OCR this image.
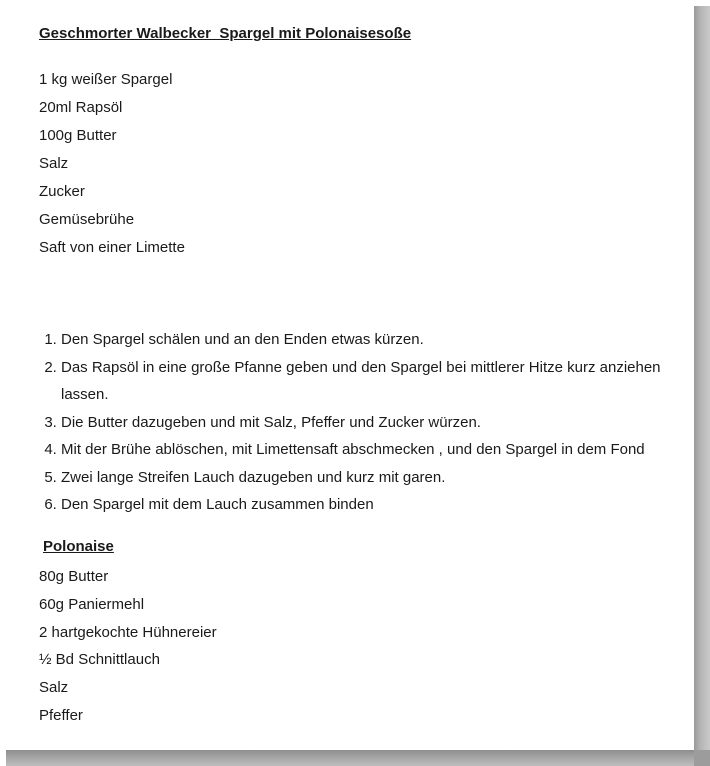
Geschmorter Walbecker  Spargel mit Polonaisesoße
1 kg weißer Spargel
20ml Rapsöl
100g Butter
Salz
Zucker
Gemüsebrühe
Saft von einer Limette
1. Den Spargel schälen und an den Enden etwas kürzen.
2. Das Rapsöl in eine große Pfanne geben und den Spargel bei mittlerer Hitze kurz anziehen lassen.
3. Die Butter dazugeben und mit Salz, Pfeffer und Zucker würzen.
4. Mit der Brühe ablöschen, mit Limettensaft abschmecken , und den Spargel in dem Fond
5. Zwei lange Streifen Lauch dazugeben und kurz mit garen.
6. Den Spargel mit dem Lauch zusammen binden
Polonaise
80g Butter
60g Paniermehl
2 hartgekochte Hühnereier
½ Bd Schnittlauch
Salz
Pfeffer
